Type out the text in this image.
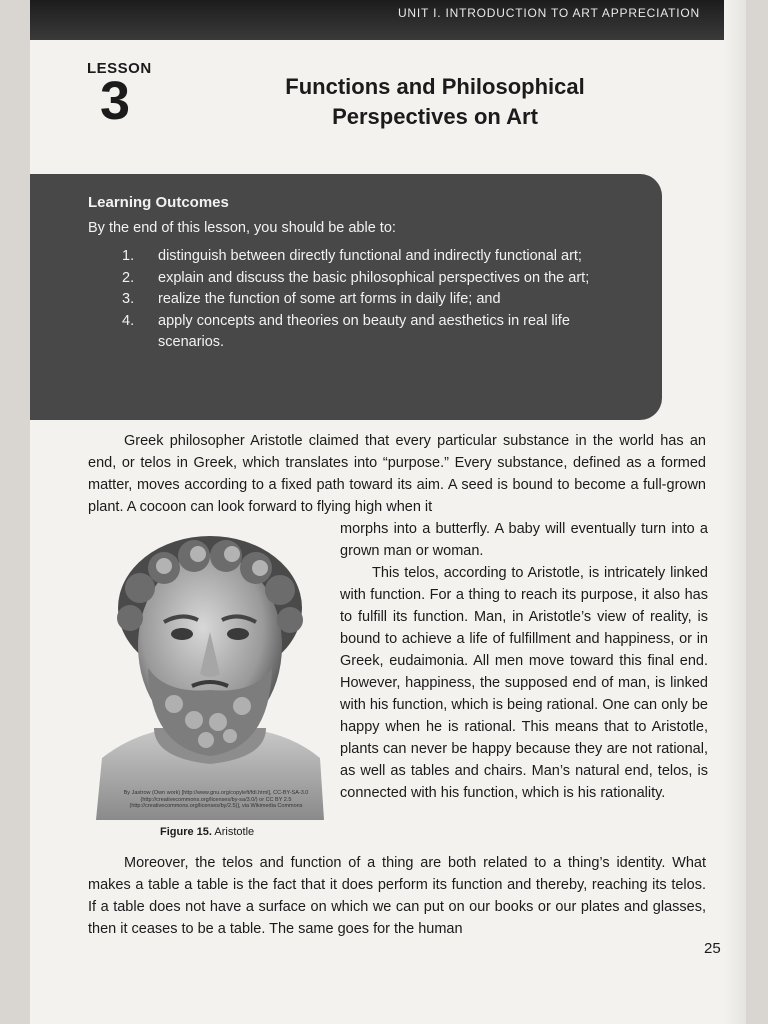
UNIT I. INTRODUCTION TO ART APPRECIATION
LESSON
3	Functions and Philosophical
Perspectives on Art
Learning Outcomes
By the end of this lesson, you should be able to:
1. distinguish between directly functional and indirectly functional art;
2. explain and discuss the basic philosophical perspectives on the art;
3. realize the function of some art forms in daily life; and
4. apply concepts and theories on beauty and aesthetics in real life scenarios.

Greek philosopher Aristotle claimed that every particular substance in the world has an end, or telos in Greek, which translates into “purpose.” Every substance, defined as a formed matter, moves according to a fixed path toward its aim. A seed is bound to become a full-grown plant. A cocoon can look forward to flying high when it

morphs into a butterfly. A baby will eventually turn into a grown man or woman.

This telos, according to Aristotle, is intricately linked with function. For a thing to reach its purpose, it also has to fulfill its function. Man, in Aristotle’s view of reality, is bound to achieve a life of fulfillment and happiness, or in Greek, eudaimonia. All men move toward this final end. However, happiness, the supposed end of man, is linked with his function, which is being rational. One can only be happy when he is rational. This means that to Aristotle, plants can never be happy because they are not rational, as well as tables and chairs. Man’s natural end, telos, is connected with his function, which is his rationality.

By Jastrow (Own work) [http://www.gnu.org/copyleft/fdl.html], CC-BY-SA-3.0 (http://creativecommons.org/licenses/by-sa/3.0/) or CC BY 2.5 (http://creativecommons.org/licenses/by/2.5)], via Wikimedia Commons
Figure 15. Aristotle

Moreover, the telos and function of a thing are both related to a thing’s identity. What makes a table a table is the fact that it does perform its function and thereby, reaching its telos. If a table does not have a surface on which we can put on our books or our plates and glasses, then it ceases to be a table. The same goes for the human

25
